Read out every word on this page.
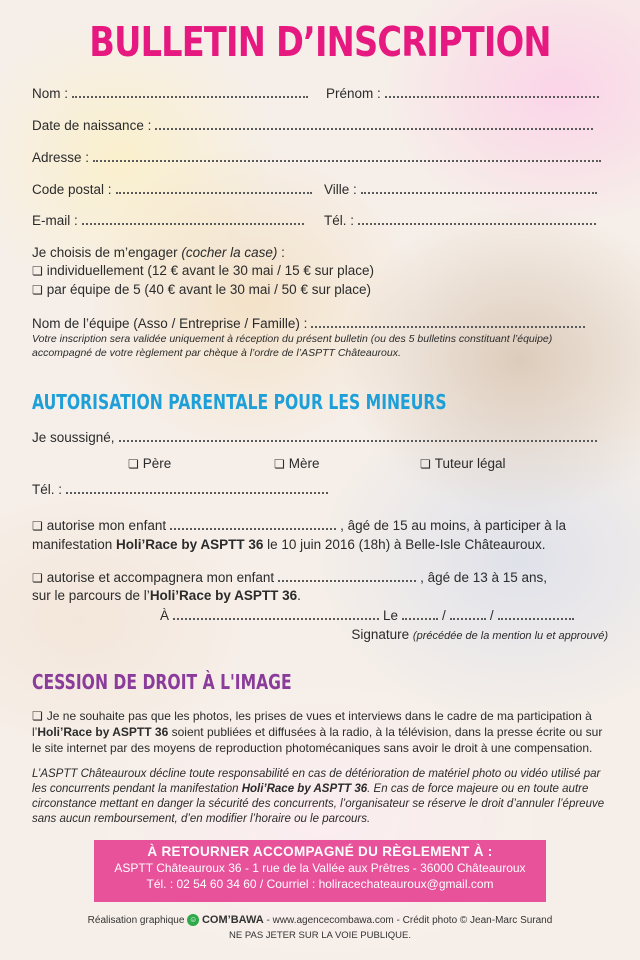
BULLETIN D’INSCRIPTION
Nom :	Prénom :
Date de naissance :
Adresse :
Code postal :	Ville :
E-mail :	Tél. :
Je choisis de m’engager (cocher la case) :
❏ individuellement (12 € avant le 30 mai / 15 € sur place)
❏ par équipe de 5 (40 € avant le 30 mai / 50 € sur place)
Nom de l’équipe (Asso / Entreprise / Famille) :
Votre inscription sera validée uniquement à réception du présent bulletin (ou des 5 bulletins constituant l’équipe) accompagné de votre règlement par chèque à l’ordre de l’ASPTT Châteauroux.
AUTORISATION PARENTALE POUR LES MINEURS
Je soussigné,
❏ Père	❏ Mère	❏ Tuteur légal
Tél. :
❏ autorise mon enfant	, âgé de 15 au moins, à participer à la
manifestation Holi’Race by ASPTT 36 le 10 juin 2016 (18h) à Belle-Isle Châteauroux.
❏ autorise et accompagnera mon enfant	, âgé de 13 à 15 ans,
sur le parcours de l’Holi’Race by ASPTT 36.
À	Le	/	/
Signature (précédée de la mention lu et approuvé)
CESSION DE DROIT À L'IMAGE
❏ Je ne souhaite pas que les photos, les prises de vues et interviews dans le cadre de ma participation à l’Holi’Race by ASPTT 36 soient publiées et diffusées à la radio, à la télévision, dans la presse écrite ou sur le site internet par des moyens de reproduction photomécaniques sans avoir le droit à une compensation.
L’ASPTT Châteauroux décline toute responsabilité en cas de détérioration de matériel photo ou vidéo utilisé par les concurrents pendant la manifestation Holi’Race by ASPTT 36. En cas de force majeure ou en toute autre circonstance mettant en danger la sécurité des concurrents, l’organisateur se réserve le droit d’annuler l’épreuve sans aucun remboursement, d’en modifier l’horaire ou le parcours.
À RETOURNER ACCOMPAGNÉ DU RÈGLEMENT À :
ASPTT Châteauroux 36 - 1 rue de la Vallée aux Prêtres - 36000 Châteauroux
Tél. : 02 54 60 34 60 / Courriel : holiracechateauroux@gmail.com
Réalisation graphique ☺ COM’BAWA - www.agencecombawa.com - Crédit photo © Jean-Marc Surand
NE PAS JETER SUR LA VOIE PUBLIQUE.
